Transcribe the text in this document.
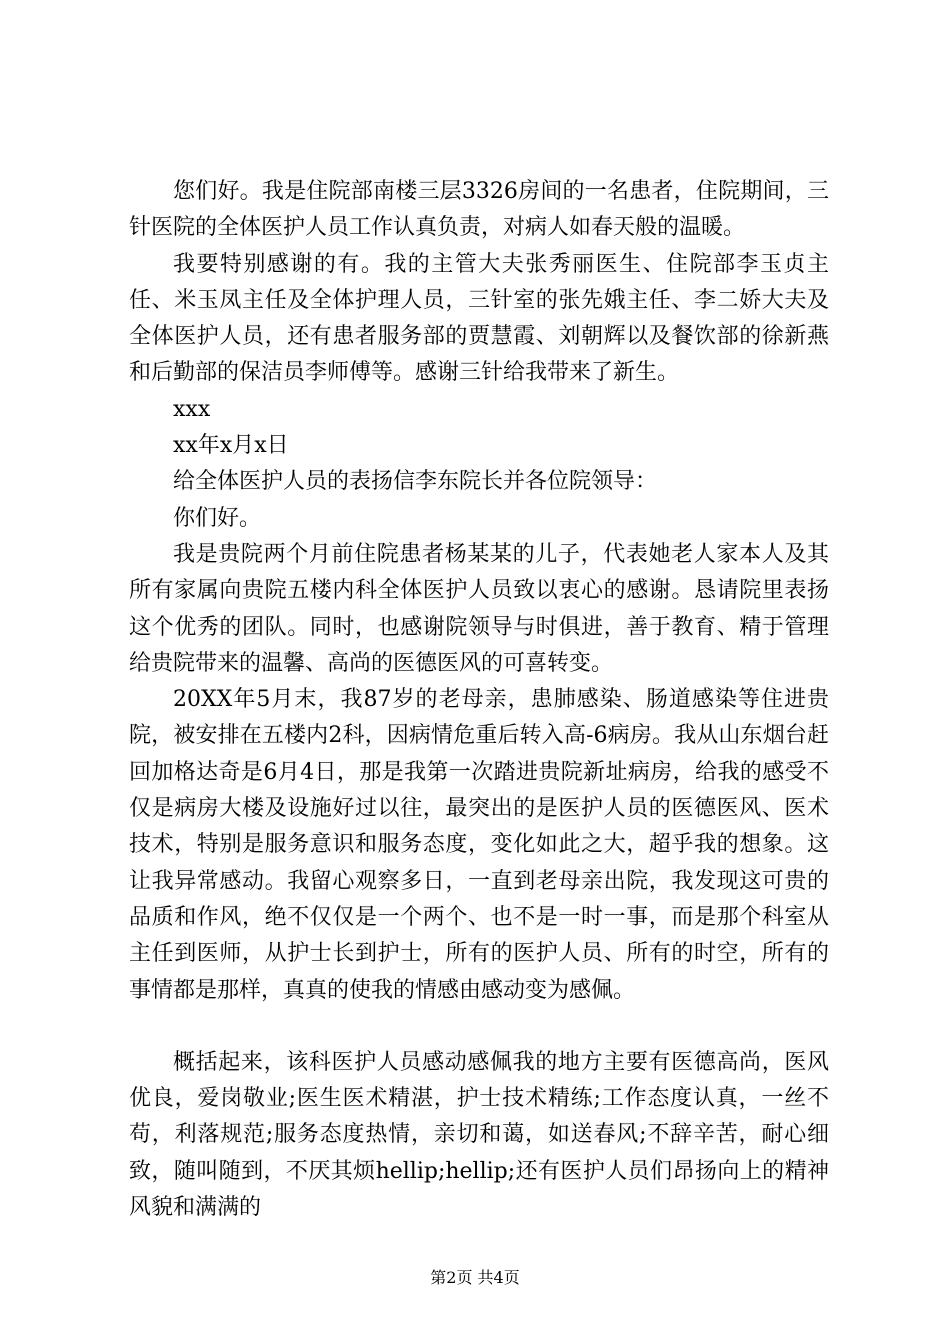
您们好。我是住院部南楼三层3326房间的一名患者，住院期间，三针医院的全体医护人员工作认真负责，对病人如春天般的温暖。

我要特别感谢的有。我的主管大夫张秀丽医生、住院部李玉贞主任、米玉凤主任及全体护理人员，三针室的张先娥主任、李二娇大夫及全体医护人员，还有患者服务部的贾慧霞、刘朝辉以及餐饮部的徐新燕和后勤部的保洁员李师傅等。感谢三针给我带来了新生。

xxx

xx年x月x日

给全体医护人员的表扬信李东院长并各位院领导：

你们好。

我是贵院两个月前住院患者杨某某的儿子，代表她老人家本人及其所有家属向贵院五楼内科全体医护人员致以衷心的感谢。恳请院里表扬这个优秀的团队。同时，也感谢院领导与时俱进，善于教育、精于管理给贵院带来的温馨、高尚的医德医风的可喜转变。

20XX年5月末，我87岁的老母亲，患肺感染、肠道感染等住进贵院，被安排在五楼内2科，因病情危重后转入高-6病房。我从山东烟台赶回加格达奇是6月4日，那是我第一次踏进贵院新址病房，给我的感受不仅是病房大楼及设施好过以往，最突出的是医护人员的医德医风、医术技术，特别是服务意识和服务态度，变化如此之大，超乎我的想象。这让我异常感动。我留心观察多日，一直到老母亲出院，我发现这可贵的品质和作风，绝不仅仅是一个两个、也不是一时一事，而是那个科室从主任到医师，从护士长到护士，所有的医护人员、所有的时空，所有的事情都是那样，真真的使我的情感由感动变为感佩。

概括起来，该科医护人员感动感佩我的地方主要有医德高尚，医风优良，爱岗敬业;医生医术精湛，护士技术精练;工作态度认真，一丝不苟，利落规范;服务态度热情，亲切和蔼，如送春风;不辞辛苦，耐心细致，随叫随到，不厌其烦hellip;hellip;还有医护人员们昂扬向上的精神风貌和满满的

第2页 共4页
